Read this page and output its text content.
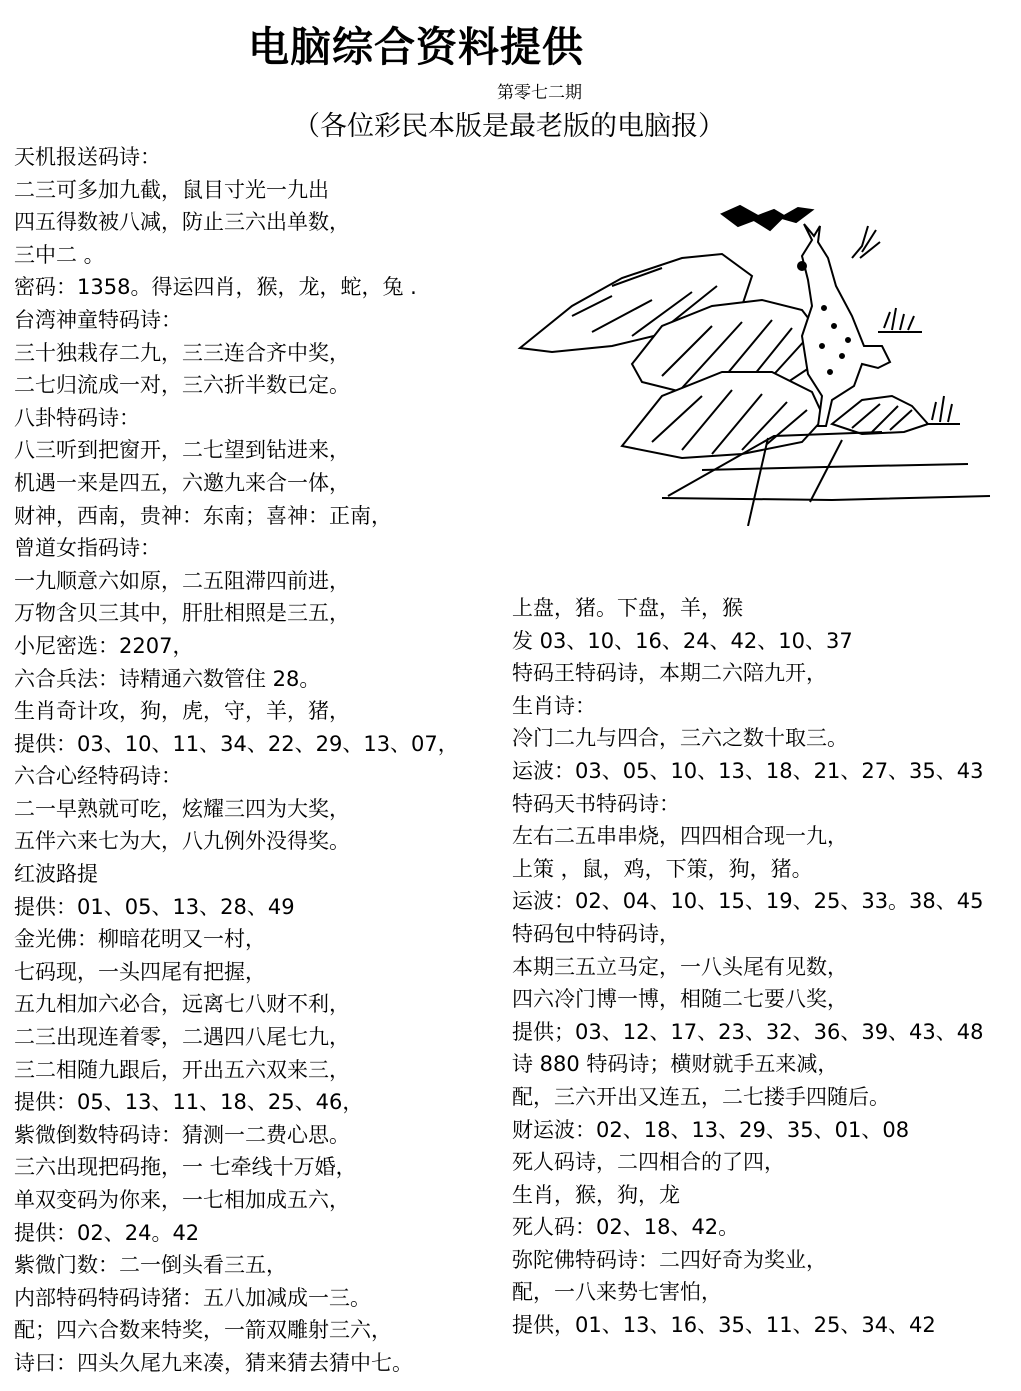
电脑综合资料提供
第零七二期
（各位彩民本版是最老版的电脑报）
天机报送码诗：
二三可多加九截，鼠目寸光一九出
四五得数被八减，防止三六出单数，
三中二 。
密码：1358。得运四肖，猴，龙，蛇，兔 .
台湾神童特码诗：
三十独栽存二九，三三连合齐中奖，
二七归流成一对，三六折半数已定。
八卦特码诗：
八三听到把窗开，二七望到钻进来，
机遇一来是四五，六邀九来合一体，
财神，西南，贵神：东南；喜神：正南，
曾道女指码诗：
一九顺意六如原，二五阻滞四前进，
万物含贝三其中，肝肚相照是三五，
小尼密选：2207，
六合兵法：诗精通六数管住 28。
生肖奇计攻，狗，虎，守，羊，猪，
提供：03、10、11、34、22、29、13、07，
六合心经特码诗：
二一早熟就可吃，炫耀三四为大奖，
五伴六来七为大，八九例外没得奖。
红波路提
提供：01、05、13、28、49
金光佛：柳暗花明又一村，
七码现，一头四尾有把握，
五九相加六必合，远离七八财不利，
二三出现连着零，二遇四八尾七九，
三二相随九跟后，开出五六双来三，
提供：05、13、11、18、25、46，
紫微倒数特码诗：猜测一二费心思。
三六出现把码拖，一 七牵线十万婚，
单双变码为你来，一七相加成五六，
提供：02、24。42
紫微门数：二一倒头看三五，
内部特码特码诗猪：五八加减成一三。
配；四六合数来特奖，一箭双雕射三六，
诗曰：四头久尾九来凑，猜来猜去猜中七。
上盘，猪。下盘，羊，猴
发 03、10、16、24、42、10、37
特码王特码诗，本期二六陪九开，
生肖诗：
冷门二九与四合，三六之数十取三。
运波：03、05、10、13、18、21、27、35、43
特码天书特码诗：
左右二五串串烧，四四相合现一九，
上策 ，鼠，鸡，下策，狗，猪。
运波：02、04、10、15、19、25、33。38、45
特码包中特码诗，
本期三五立马定，一八头尾有见数，
四六冷门博一博，相随二七要八奖，
提供；03、12、17、23、32、36、39、43、48
诗 880 特码诗；横财就手五来减，
配，三六开出又连五，二七搂手四随后。
财运波：02、18、13、29、35、01、08
死人码诗，二四相合的了四，
生肖，猴，狗，龙
死人码：02、18、42。
弥陀佛特码诗：二四好奇为奖业，
配，一八来势七害怕，
提供，01、13、16、35、11、25、34、42
